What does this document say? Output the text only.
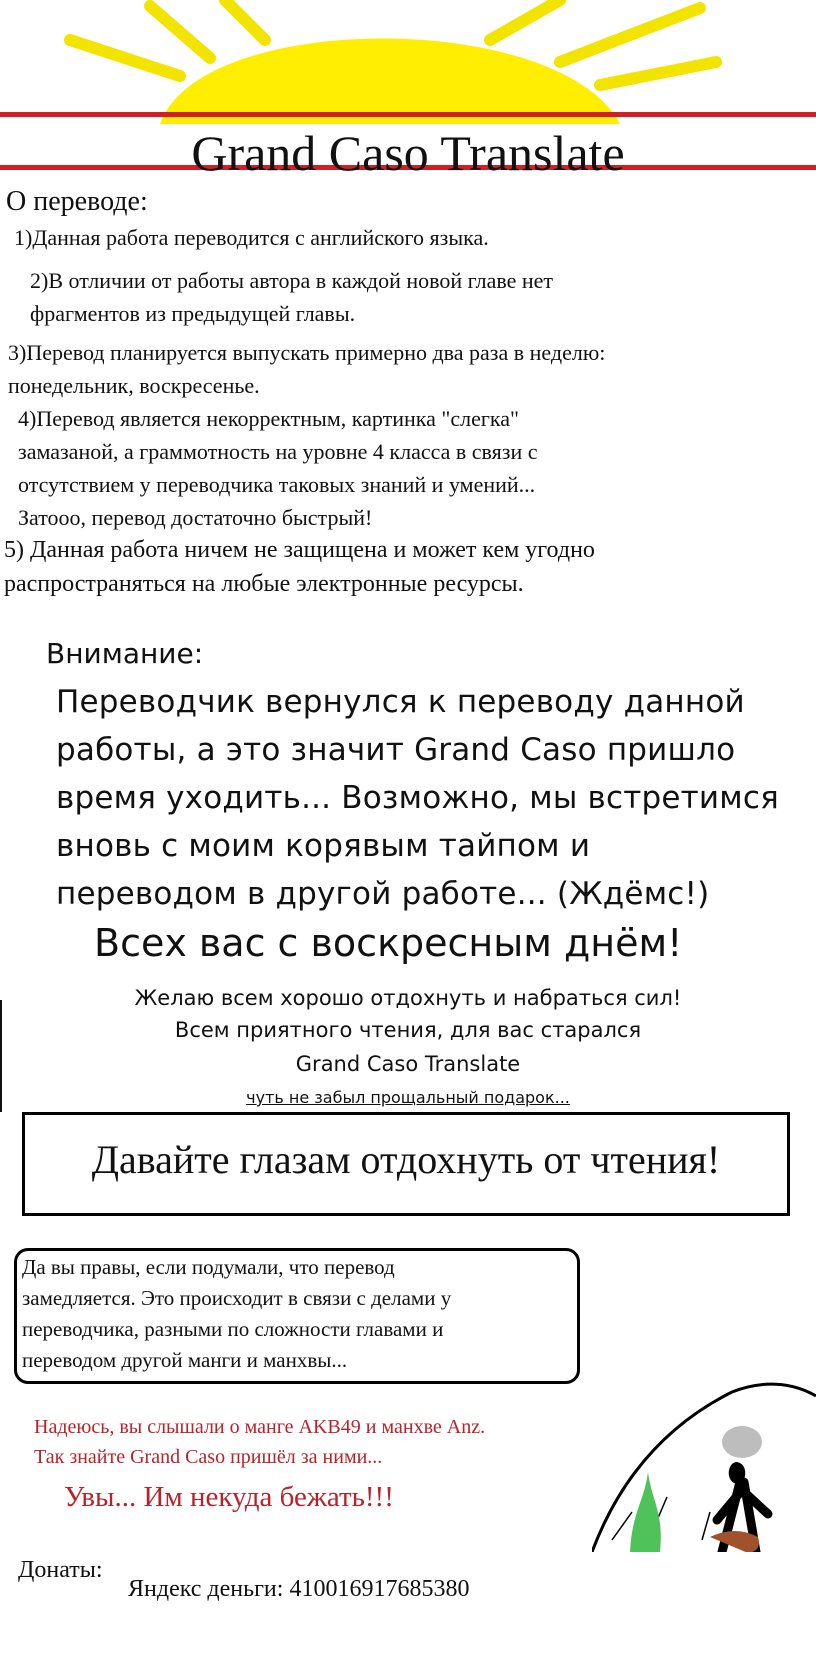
Grand Caso Translate
О переводе:
1)Данная работа переводится с английского языка.
2)В отличии от работы автора в каждой новой главе нет
фрагментов из предыдущей главы.
3)Перевод планируется выпускать примерно два раза в неделю:
понедельник, воскресенье.
4)Перевод является некорректным, картинка "слегка"
замазаной, а граммотность на уровне 4 класса в связи с
отсутствием у переводчика таковых знаний и умений...
Затооо, перевод достаточно быстрый!
5) Данная работа ничем не защищена и может кем угодно
распространяться на любые электронные ресурсы.
Внимание:
Переводчик вернулся к переводу данной
работы, а это значит Grand Caso пришло
время уходить... Возможно, мы встретимся
вновь с моим корявым тайпом и
переводом в другой работе... (Ждёмс!)
Всех вас с воскресным днём!
Желаю всем хорошо отдохнуть и набраться сил!
Всем приятного чтения, для вас старался
Grand Caso Translate
чуть не забыл прощальный подарок...
Давайте глазам отдохнуть от чтения!
Да вы правы, если подумали, что перевод
замедляется. Это происходит в связи с делами у
переводчика, разными по сложности главами и
переводом другой манги и манхвы...
Надеюсь, вы слышали о манге AKB49 и манхве Anz.
Так знайте Grand Caso пришёл за ними...
Увы... Им некуда бежать!!!
Донаты:
Яндекс деньги: 410016917685380
